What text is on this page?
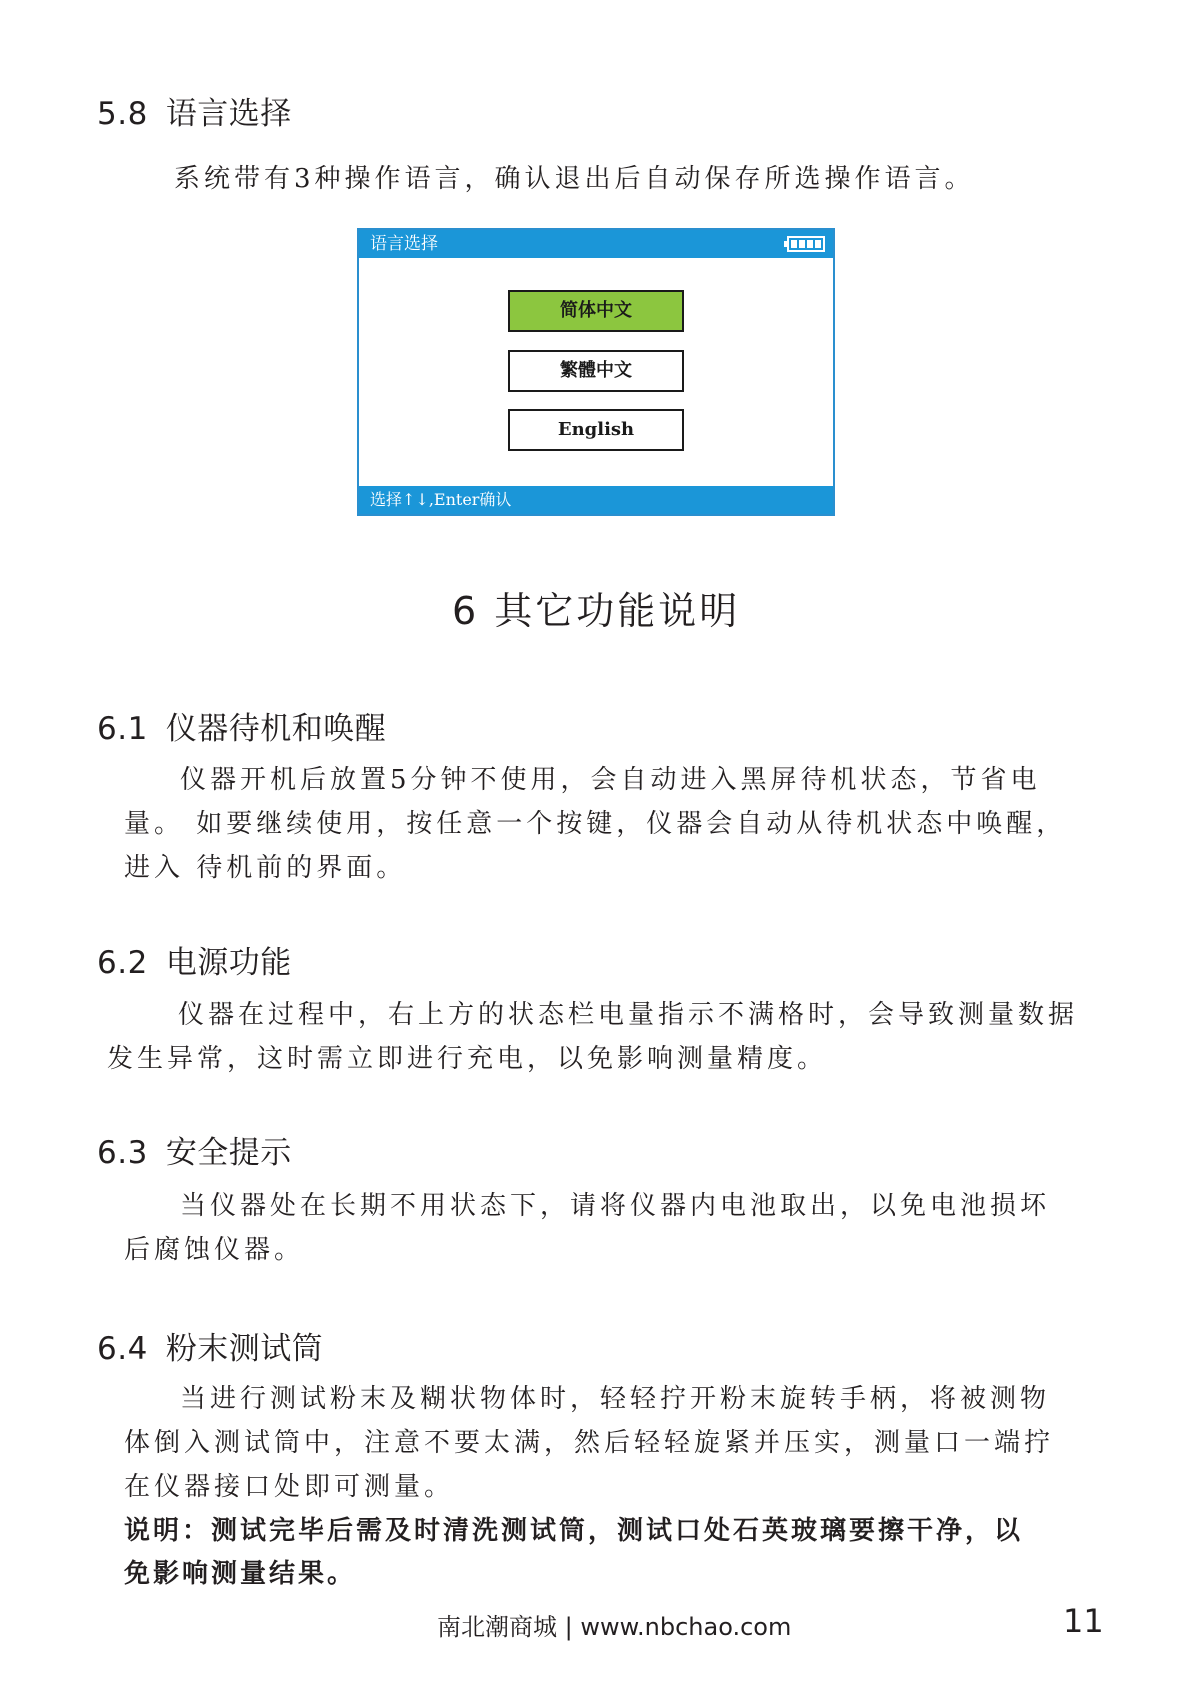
5.8 语言选择
系统带有3种操作语言，确认退出后自动保存所选操作语言。
语言选择
简体中文
繁體中文
English
选择↑↓,Enter确认
6 其它功能说明
6.1 仪器待机和唤醒
仪器开机后放置5分钟不使用，会自动进入黑屏待机状态，节省电
量。 如要继续使用，按任意一个按键，仪器会自动从待机状态中唤醒，
进入 待机前的界面。
6.2 电源功能
仪器在过程中，右上方的状态栏电量指示不满格时，会导致测量数据
发生异常，这时需立即进行充电，以免影响测量精度。
6.3 安全提示
当仪器处在长期不用状态下，请将仪器内电池取出，以免电池损坏
后腐蚀仪器。
6.4 粉末测试筒
当进行测试粉末及糊状物体时，轻轻拧开粉末旋转手柄，将被测物
体倒入测试筒中，注意不要太满，然后轻轻旋紧并压实，测量口一端拧
在仪器接口处即可测量。
说明：测试完毕后需及时清洗测试筒，测试口处石英玻璃要擦干净，以
免影响测量结果。
南北潮商城 | www.nbchao.com	11
